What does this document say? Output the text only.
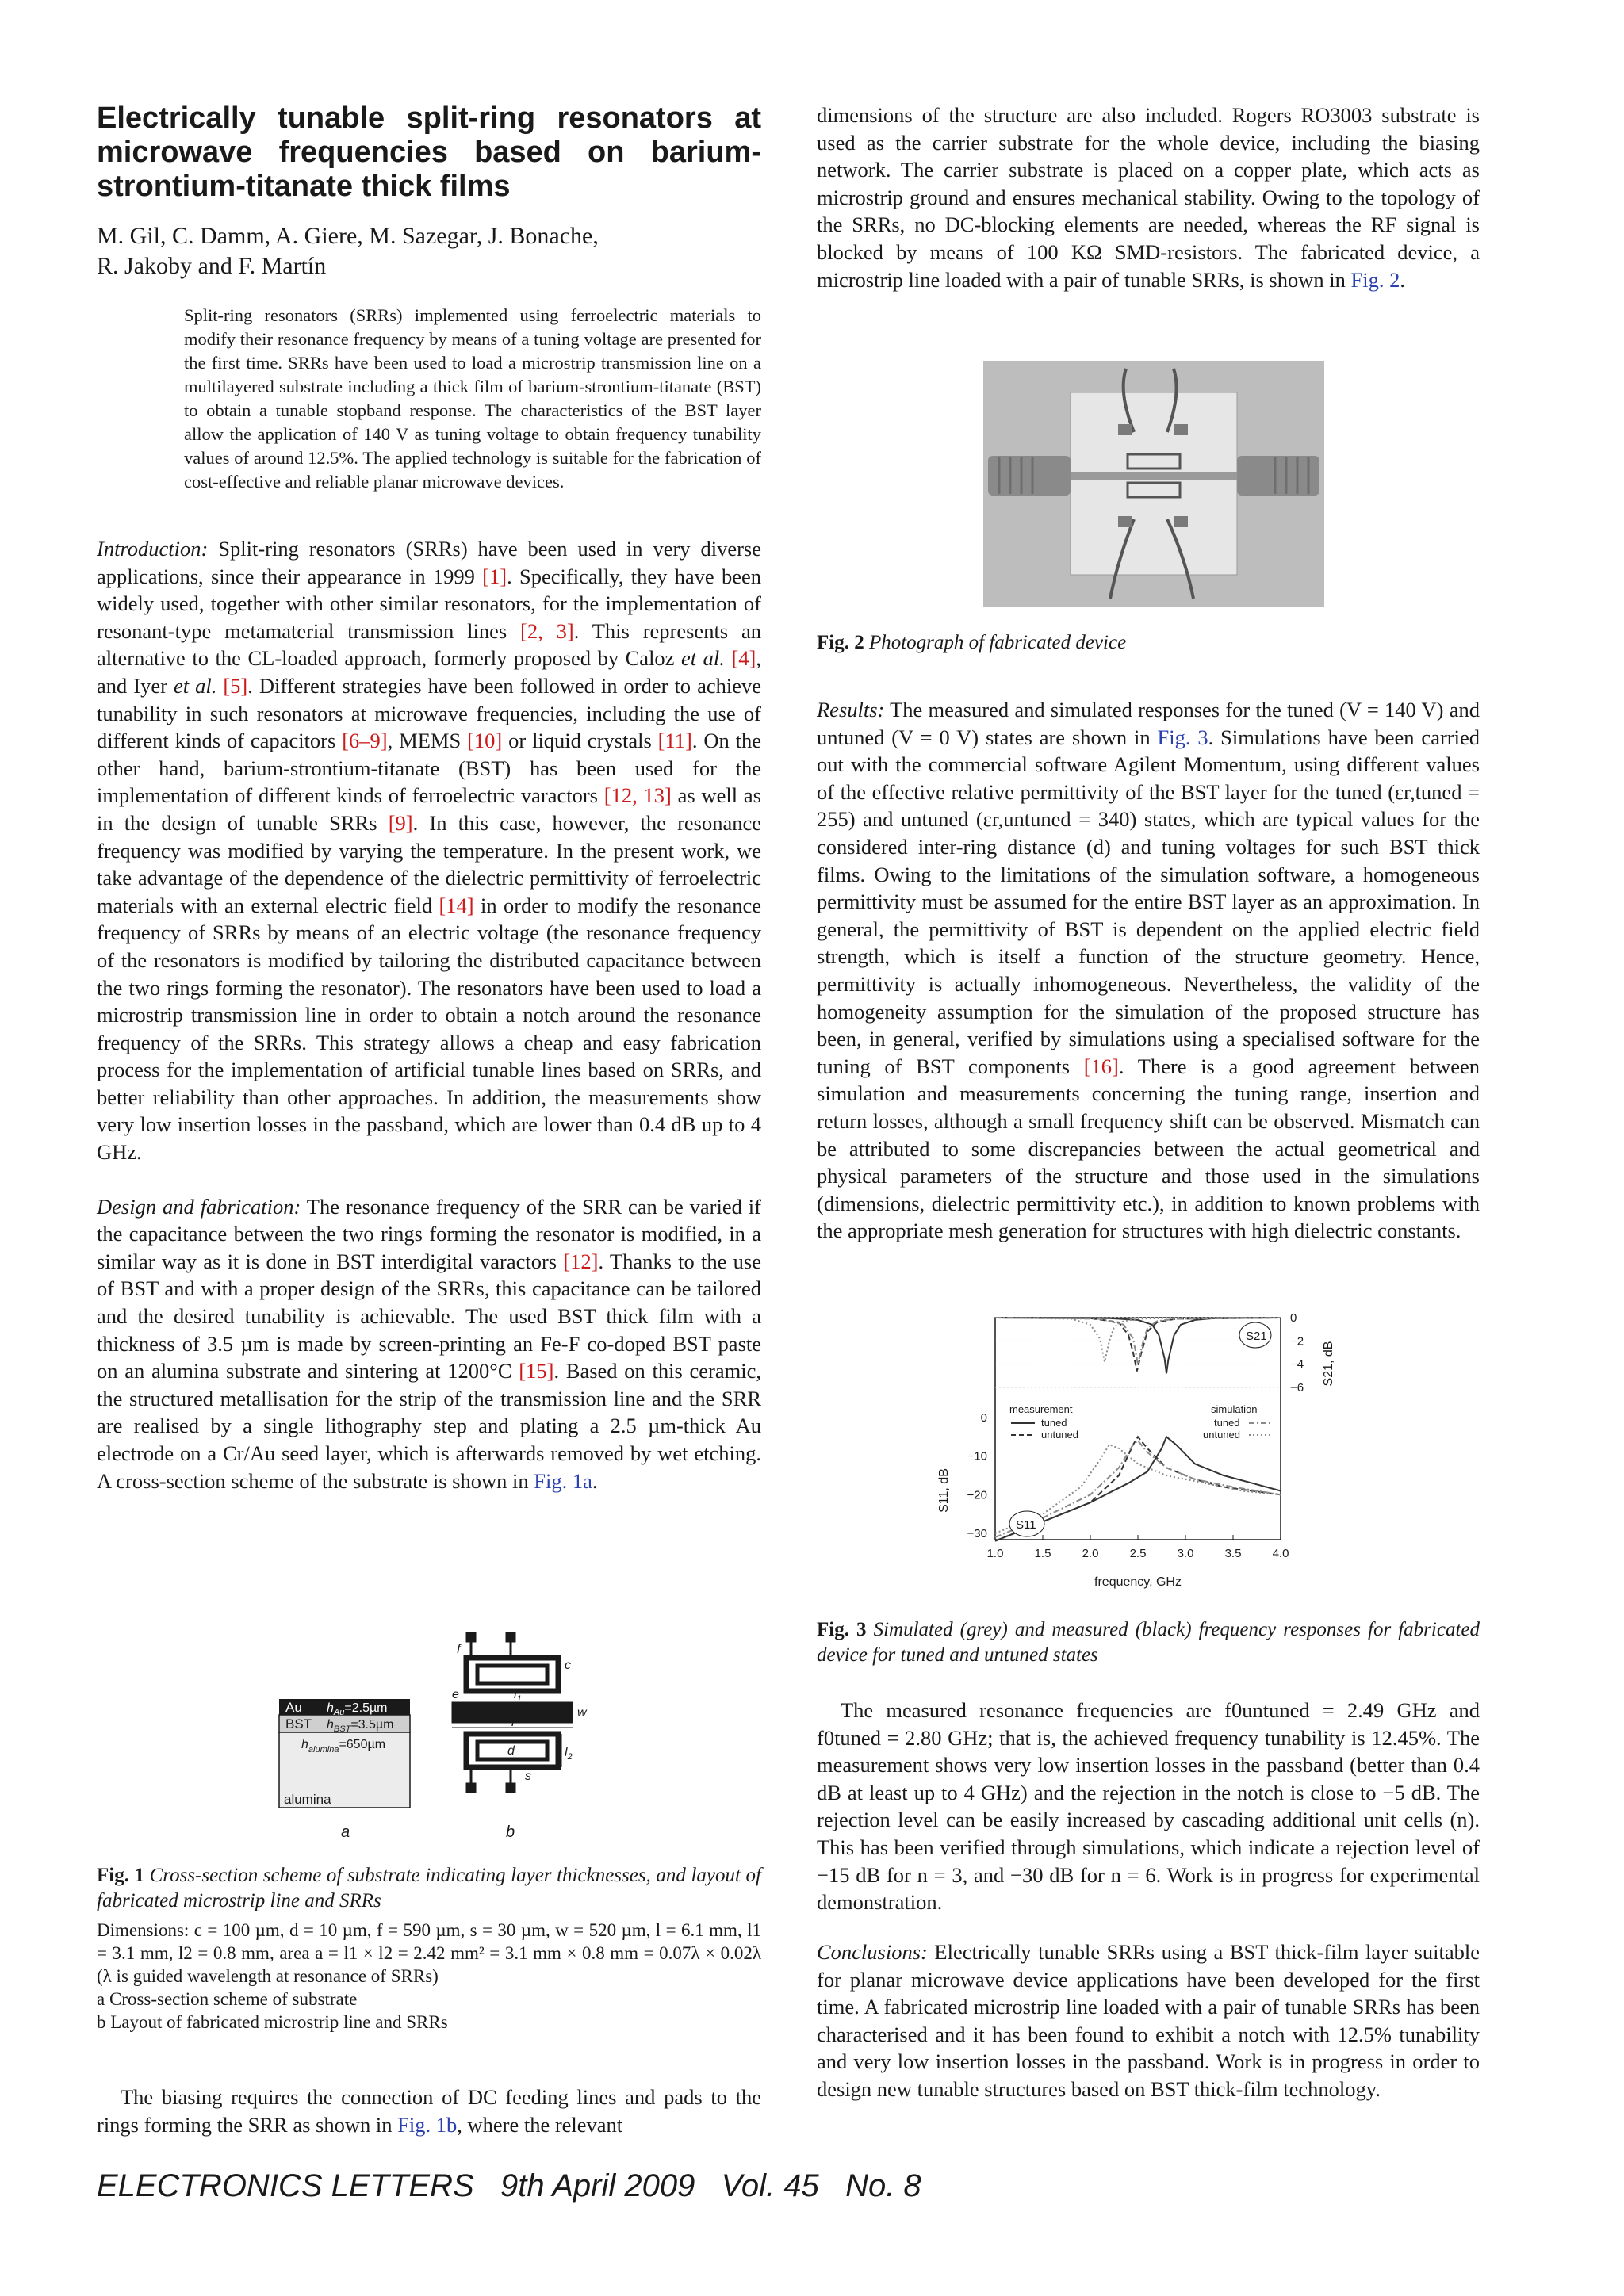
Electrically tunable split-ring resonators at microwave frequencies based on barium-strontium-titanate thick films
M. Gil, C. Damm, A. Giere, M. Sazegar, J. Bonache,
R. Jakoby and F. Martín
Split-ring resonators (SRRs) implemented using ferroelectric materials to modify their resonance frequency by means of a tuning voltage are presented for the first time. SRRs have been used to load a microstrip transmission line on a multilayered substrate including a thick film of barium-strontium-titanate (BST) to obtain a tunable stopband response. The characteristics of the BST layer allow the application of 140 V as tuning voltage to obtain frequency tunability values of around 12.5%. The applied technology is suitable for the fabrication of cost-effective and reliable planar microwave devices.

Introduction: Split-ring resonators (SRRs) have been used in very diverse applications, since their appearance in 1999 [1]. Specifically, they have been widely used, together with other similar resonators, for the implementation of resonant-type metamaterial transmission lines [2, 3]. This represents an alternative to the CL-loaded approach, formerly proposed by Caloz et al. [4], and Iyer et al. [5]. Different strategies have been followed in order to achieve tunability in such resonators at microwave frequencies, including the use of different kinds of capacitors [6–9], MEMS [10] or liquid crystals [11]. On the other hand, barium-strontium-titanate (BST) has been used for the implementation of different kinds of ferroelectric varactors [12, 13] as well as in the design of tunable SRRs [9]. In this case, however, the resonance frequency was modified by varying the temperature. In the present work, we take advantage of the dependence of the dielectric permittivity of ferroelectric materials with an external electric field [14] in order to modify the resonance frequency of SRRs by means of an electric voltage (the resonance frequency of the resonators is modified by tailoring the distributed capacitance between the two rings forming the resonator). The resonators have been used to load a microstrip transmission line in order to obtain a notch around the resonance frequency of the SRRs. This strategy allows a cheap and easy fabrication process for the implementation of artificial tunable lines based on SRRs, and better reliability than other approaches. In addition, the measurements show very low insertion losses in the passband, which are lower than 0.4 dB up to 4 GHz.

Design and fabrication: The resonance frequency of the SRR can be varied if the capacitance between the two rings forming the resonator is modified, in a similar way as it is done in BST interdigital varactors [12]. Thanks to the use of BST and with a proper design of the SRRs, this capacitance can be tailored and the desired tunability is achievable. The used BST thick film with a thickness of 3.5 µm is made by screen-printing an Fe-F co-doped BST paste on an alumina substrate and sintering at 1200°C [15]. Based on this ceramic, the structured metallisation for the strip of the transmission line and the SRR are realised by a single lithography step and plating a 2.5 µm-thick Au electrode on a Cr/Au seed layer, which is afterwards removed by wet etching. A cross-section scheme of the substrate is shown in Fig. 1a.

Au $h_{Au}=2.5\mu m$
BST $h_{BST}=3.5\mu m$
$h_{alumina}=650\mu m$
alumina
a
f
c
e	$l_1$
w
l
d	$l_2$
s
b
Fig. 1 Cross-section scheme of substrate indicating layer thicknesses, and layout of fabricated microstrip line and SRRs
Dimensions: c = 100 µm, d = 10 µm, f = 590 µm, s = 30 µm, w = 520 µm, l = 6.1 mm, l1 = 3.1 mm, l2 = 0.8 mm, area a = l1 × l2 = 2.42 mm² = 3.1 mm × 0.8 mm = 0.07λ × 0.02λ (λ is guided wavelength at resonance of SRRs)
a Cross-section scheme of substrate
b Layout of fabricated microstrip line and SRRs

The biasing requires the connection of DC feeding lines and pads to the rings forming the SRR as shown in Fig. 1b, where the relevant

dimensions of the structure are also included. Rogers RO3003 substrate is used as the carrier substrate for the whole device, including the biasing network. The carrier substrate is placed on a copper plate, which acts as microstrip ground and ensures mechanical stability. Owing to the topology of the SRRs, no DC-blocking elements are needed, whereas the RF signal is blocked by means of 100 KΩ SMD-resistors. The fabricated device, a microstrip line loaded with a pair of tunable SRRs, is shown in Fig. 2.

Fig. 2 Photograph of fabricated device

Results: The measured and simulated responses for the tuned (V = 140 V) and untuned (V = 0 V) states are shown in Fig. 3. Simulations have been carried out with the commercial software Agilent Momentum, using different values of the effective relative permittivity of the BST layer for the tuned (εr,tuned = 255) and untuned (εr,untuned = 340) states, which are typical values for the considered inter-ring distance (d) and tuning voltages for such BST thick films. Owing to the limitations of the simulation software, a homogeneous permittivity must be assumed for the entire BST layer as an approximation. In general, the permittivity of BST is dependent on the applied electric field strength, which is itself a function of the structure geometry. Hence, permittivity is actually inhomogeneous. Nevertheless, the validity of the homogeneity assumption for the simulation of the proposed structure has been, in general, verified by simulations using a specialised software for the tuning of BST components [16]. There is a good agreement between simulation and measurements concerning the tuning range, insertion and return losses, although a small frequency shift can be observed. Mismatch can be attributed to some discrepancies between the actual geometrical and physical parameters of the structure and those used in the simulations (dimensions, dielectric permittivity etc.), in addition to known problems with the appropriate mesh generation for structures with high dielectric constants.

1.0	1.5	2.0	2.5	3.0	3.5	4.0
0
−2
−4
−6
0
−10
−20
−30
measurement
tuned
untuned
simulation
tuned
untuned
S21
S11
frequency, GHz
S11, dB
S21, dB
Fig. 3 Simulated (grey) and measured (black) frequency responses for fabricated device for tuned and untuned states

The measured resonance frequencies are f0untuned = 2.49 GHz and f0tuned = 2.80 GHz; that is, the achieved frequency tunability is 12.45%. The measurement shows very low insertion losses in the passband (better than 0.4 dB at least up to 4 GHz) and the rejection in the notch is close to −5 dB. The rejection level can be easily increased by cascading additional unit cells (n). This has been verified through simulations, which indicate a rejection level of −15 dB for n = 3, and −30 dB for n = 6. Work is in progress for experimental demonstration.

Conclusions: Electrically tunable SRRs using a BST thick-film layer suitable for planar microwave device applications have been developed for the first time. A fabricated microstrip line loaded with a pair of tunable SRRs has been characterised and it has been found to exhibit a notch with 12.5% tunability and very low insertion losses in the passband. Work is in progress in order to design new tunable structures based on BST thick-film technology.

ELECTRONICS LETTERS   9th April 2009   Vol. 45   No. 8
